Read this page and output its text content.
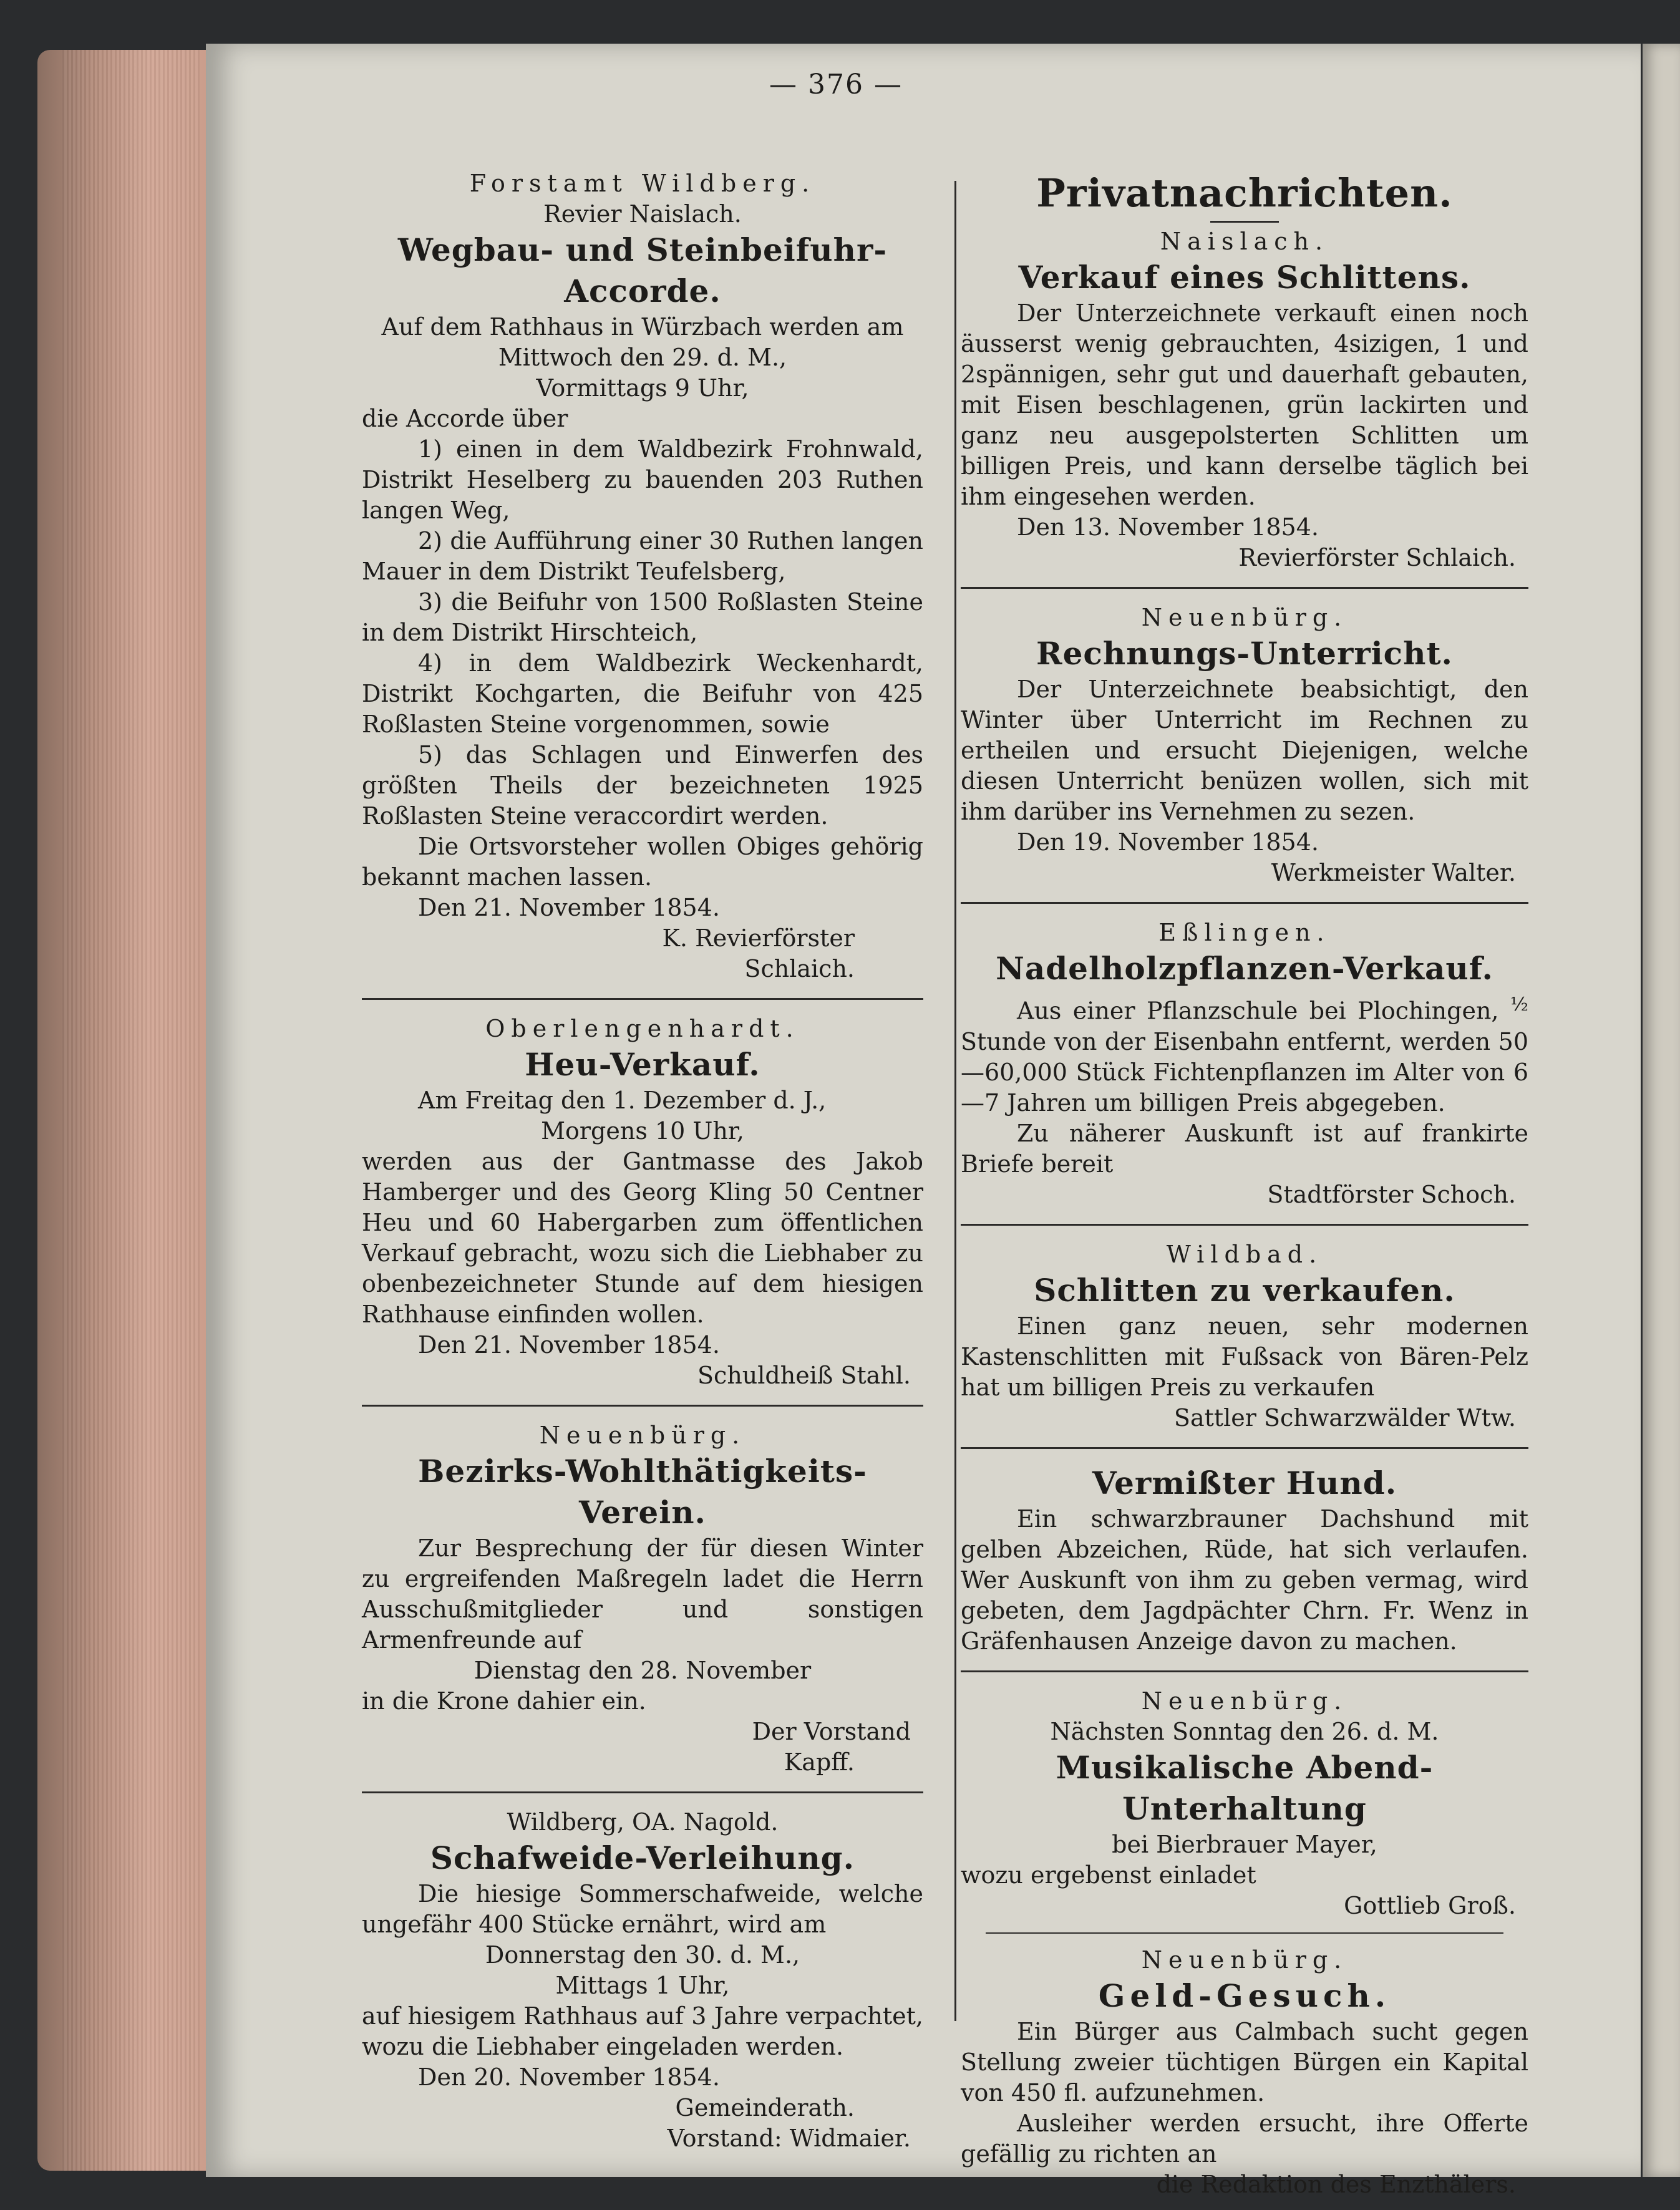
— 376 —
Forstamt Wildberg.
Revier Naislach.
Wegbau- und Steinbeifuhr-Accorde.
Auf dem Rathhaus in Würzbach werden am
Mittwoch den 29. d. M.,
Vormittags 9 Uhr,
die Accorde über
1) einen in dem Waldbezirk Frohnwald, Distrikt Heselberg zu bauenden 203 Ruthen langen Weg,
2) die Aufführung einer 30 Ruthen langen Mauer in dem Distrikt Teufelsberg,
3) die Beifuhr von 1500 Roßlasten Steine in dem Distrikt Hirschteich,
4) in dem Waldbezirk Weckenhardt, Distrikt Kochgarten, die Beifuhr von 425 Roßlasten Steine vorgenommen, sowie
5) das Schlagen und Einwerfen des größten Theils der bezeichneten 1925 Roßlasten Steine veraccordirt werden.
Die Ortsvorsteher wollen Obiges gehörig bekannt machen lassen.
Den 21. November 1854.
K. Revierförster
Schlaich.
Oberlengenhardt.
Heu-Verkauf.
Am Freitag den 1. Dezember d. J.,
Morgens 10 Uhr,
werden aus der Gantmasse des Jakob Hamberger und des Georg Kling 50 Centner Heu und 60 Habergarben zum öffentlichen Verkauf gebracht, wozu sich die Liebhaber zu obenbezeichneter Stunde auf dem hiesigen Rathhause einfinden wollen.
Den 21. November 1854.
Schuldheiß Stahl.
Neuenbürg.
Bezirks-Wohlthätigkeits-Verein.
Zur Besprechung der für diesen Winter zu ergreifenden Maßregeln ladet die Herrn Ausschußmitglieder und sonstigen Armenfreunde auf
Dienstag den 28. November
in die Krone dahier ein.
Der Vorstand
Kapff.
Wildberg, OA. Nagold.
Schafweide-Verleihung.
Die hiesige Sommerschafweide, welche ungefähr 400 Stücke ernährt, wird am
Donnerstag den 30. d. M.,
Mittags 1 Uhr,
auf hiesigem Rathhaus auf 3 Jahre verpachtet, wozu die Liebhaber eingeladen werden.
Den 20. November 1854.
Gemeinderath.
Vorstand: Widmaier.
Privatnachrichten.
Naislach.
Verkauf eines Schlittens.
Der Unterzeichnete verkauft einen noch äusserst wenig gebrauchten, 4sizigen, 1 und 2spännigen, sehr gut und dauerhaft gebauten, mit Eisen beschlagenen, grün lackirten und ganz neu ausgepolsterten Schlitten um billigen Preis, und kann derselbe täglich bei ihm eingesehen werden.
Den 13. November 1854.
Revierförster Schlaich.
Neuenbürg.
Rechnungs-Unterricht.
Der Unterzeichnete beabsichtigt, den Winter über Unterricht im Rechnen zu ertheilen und ersucht Diejenigen, welche diesen Unterricht benüzen wollen, sich mit ihm darüber ins Vernehmen zu sezen.
Den 19. November 1854.
Werkmeister Walter.
Eßlingen.
Nadelholzpflanzen-Verkauf.
Aus einer Pflanzschule bei Plochingen, $^{\frac{1}{2}}$ Stunde von der Eisenbahn entfernt, werden 50—60,000 Stück Fichtenpflanzen im Alter von 6—7 Jahren um billigen Preis abgegeben.
Zu näherer Auskunft ist auf frankirte Briefe bereit
Stadtförster Schoch.
Wildbad.
Schlitten zu verkaufen.
Einen ganz neuen, sehr modernen Kastenschlitten mit Fußsack von Bären-Pelz hat um billigen Preis zu verkaufen
Sattler Schwarzwälder Wtw.
Vermißter Hund.
Ein schwarzbrauner Dachshund mit gelben Abzeichen, Rüde, hat sich verlaufen. Wer Auskunft von ihm zu geben vermag, wird gebeten, dem Jagdpächter Chrn. Fr. Wenz in Gräfenhausen Anzeige davon zu machen.
Neuenbürg.
Nächsten Sonntag den 26. d. M.
Musikalische Abend-Unterhaltung
bei Bierbrauer Mayer,
wozu ergebenst einladet
Gottlieb Groß.
Neuenbürg.
Geld-Gesuch.
Ein Bürger aus Calmbach sucht gegen Stellung zweier tüchtigen Bürgen ein Kapital von 450 fl. aufzunehmen.
Ausleiher werden ersucht, ihre Offerte gefällig zu richten an
die Redaktion des Enzthälers.
